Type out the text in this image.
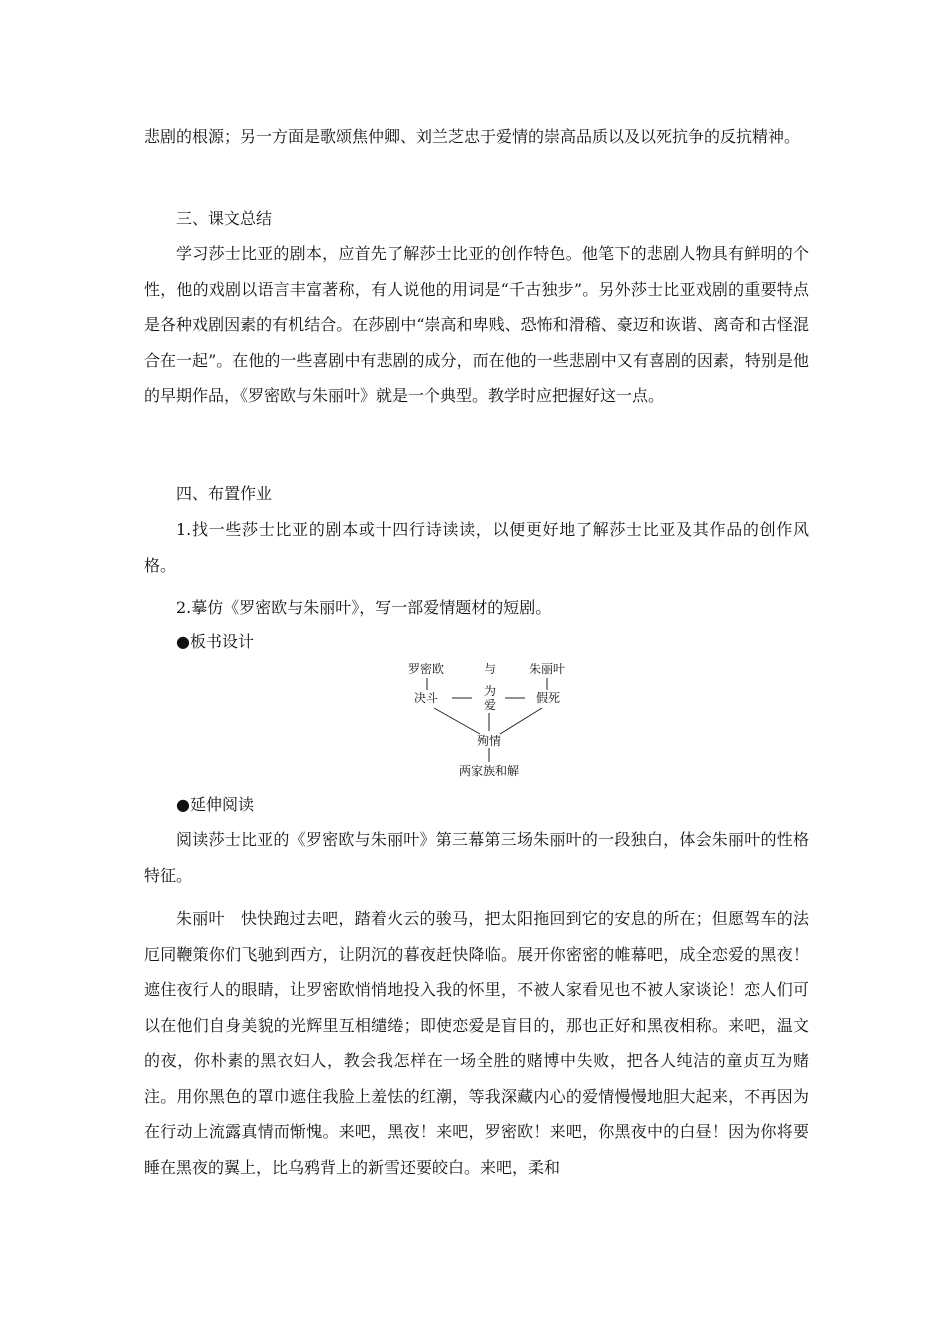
悲剧的根源；另一方面是歌颂焦仲卿、刘兰芝忠于爱情的崇高品质以及以死抗争的反抗精神。

三、课文总结

学习莎士比亚的剧本，应首先了解莎士比亚的创作特色。他笔下的悲剧人物具有鲜明的个性，他的戏剧以语言丰富著称，有人说他的用词是“千古独步”。另外莎士比亚戏剧的重要特点是各种戏剧因素的有机结合。在莎剧中“崇高和卑贱、恐怖和滑稽、豪迈和诙谐、离奇和古怪混合在一起”。在他的一些喜剧中有悲剧的成分，而在他的一些悲剧中又有喜剧的因素，特别是他的早期作品，《罗密欧与朱丽叶》就是一个典型。教学时应把握好这一点。

四、布置作业

1.找一些莎士比亚的剧本或十四行诗读读，以便更好地了解莎士比亚及其作品的创作风格。

2.摹仿《罗密欧与朱丽叶》，写一部爱情题材的短剧。

●板书设计

罗密欧	与	朱丽叶
决斗	为
爱	假死
殉情
两家族和解

●延伸阅读

阅读莎士比亚的《罗密欧与朱丽叶》第三幕第三场朱丽叶的一段独白，体会朱丽叶的性格特征。

朱丽叶　快快跑过去吧，踏着火云的骏马，把太阳拖回到它的安息的所在；但愿驾车的法厄同鞭策你们飞驰到西方，让阴沉的暮夜赶快降临。展开你密密的帷幕吧，成全恋爱的黑夜！遮住夜行人的眼睛，让罗密欧悄悄地投入我的怀里，不被人家看见也不被人家谈论！恋人们可以在他们自身美貌的光辉里互相缱绻；即使恋爱是盲目的，那也正好和黑夜相称。来吧，温文的夜，你朴素的黑衣妇人，教会我怎样在一场全胜的赌博中失败，把各人纯洁的童贞互为赌注。用你黑色的罩巾遮住我脸上羞怯的红潮，等我深藏内心的爱情慢慢地胆大起来，不再因为在行动上流露真情而惭愧。来吧，黑夜！来吧，罗密欧！来吧，你黑夜中的白昼！因为你将要睡在黑夜的翼上，比乌鸦背上的新雪还要皎白。来吧，柔和
